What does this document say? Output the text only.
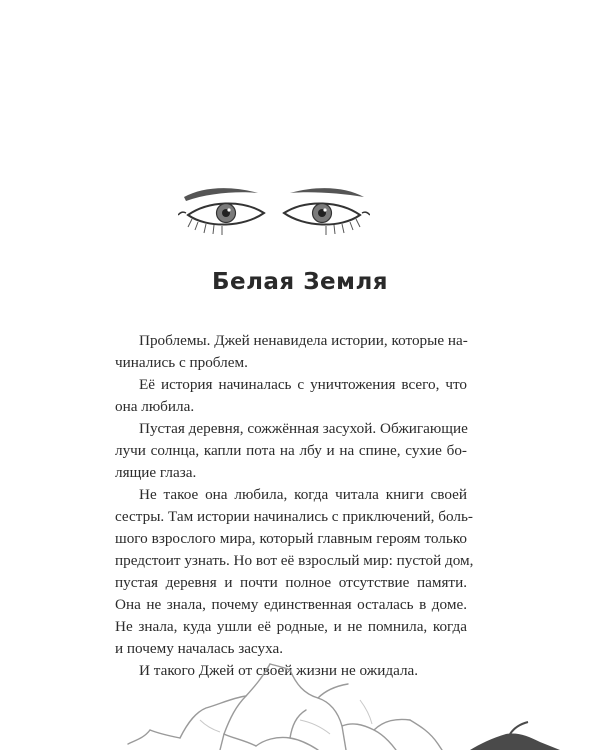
Белая Земля
Проблемы. Джей ненавидела истории, которые на-
чинались с проблем.
Её история начиналась с уничтожения всего, что
она любила.
Пустая деревня, сожжённая засухой. Обжигающие
лучи солнца, капли пота на лбу и на спине, сухие бо-
лящие глаза.
Не такое она любила, когда читала книги своей
сестры. Там истории начинались с приключений, боль-
шого взрослого мира, который главным героям только
предстоит узнать. Но вот её взрослый мир: пустой дом,
пустая деревня и почти полное отсутствие памяти.
Она не знала, почему единственная осталась в доме.
Не знала, куда ушли её родные, и не помнила, когда
и почему началась засуха.
И такого Джей от своей жизни не ожидала.
